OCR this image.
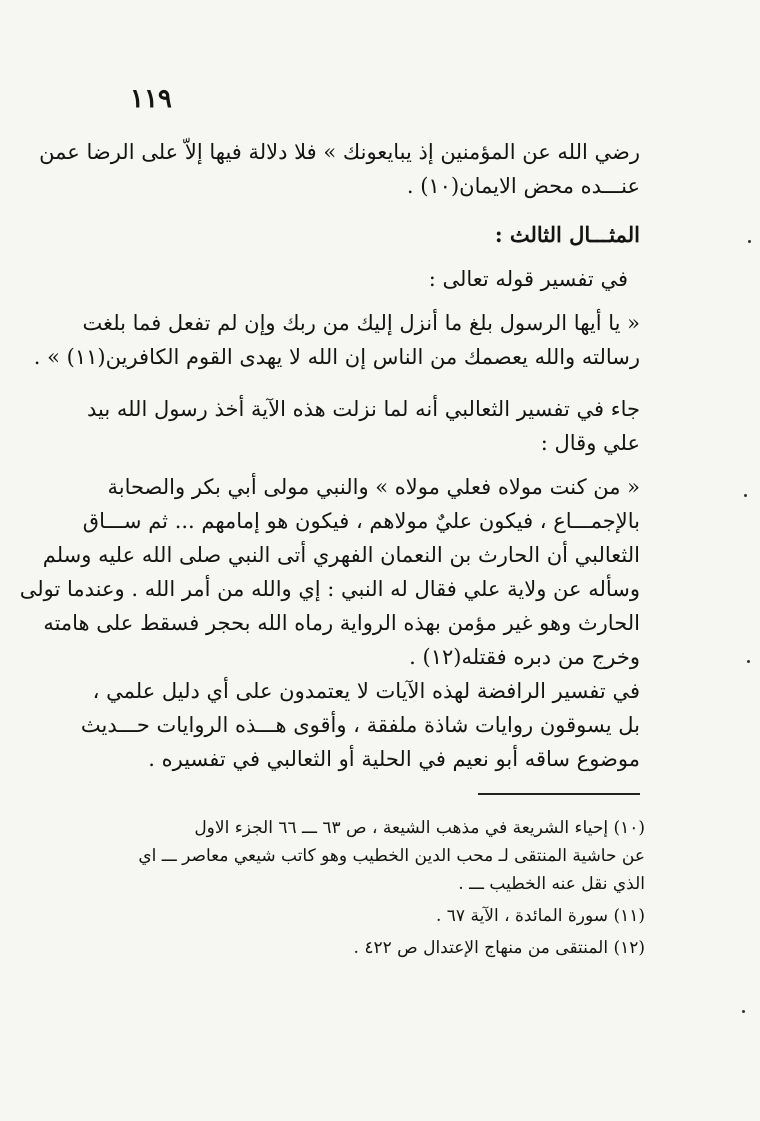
١١٩
رضي الله عن المؤمنين إذ يبايعونك » فلا دلالة فيها إلاّ على الرضا عمن
عنـــده محض الايمان(١٠) .
المثـــال الثالث :
في تفسير قوله تعالى :
« يا أيها الرسول بلغ ما أنزل إليك من ربك وإن لم تفعل فما بلغت
رسالته والله يعصمك من الناس إن الله لا يهدى القوم الكافرين(١١) » .
جاء في تفسير الثعالبي أنه لما نزلت هذه الآية أخذ رسول الله بيد
علي وقال :
« من كنت مولاه فعلي مولاه » والنبي مولى أبي بكر والصحابة
بالإجمـــاع ، فيكون عليٌ مولاهم ، فيكون هو إمامهم ... ثم ســـاق
الثعالبي أن الحارث بن النعمان الفهري أتى النبي صلى الله عليه وسلم
وسأله عن ولاية علي فقال له النبي : إي والله من أمر الله . وعندما تولى
الحارث وهو غير مؤمن بهذه الرواية رماه الله بحجر فسقط على هامته
وخرج من دبره فقتله(١٢) .
في تفسير الرافضة لهذه الآيات لا يعتمدون على أي دليل علمي ،
بل يسوقون روايات شاذة ملفقة ، وأقوى هـــذه الروايات حـــديث
موضوع ساقه أبو نعيم في الحلية أو الثعالبي في تفسيره .
(١٠) إحياء الشريعة في مذهب الشيعة ، ص ٦٣ ـــ ٦٦ الجزء الاول
عن حاشية المنتقى لـ محب الدين الخطيب وهو كاتب شيعي معاصر ـــ اي
الذي نقل عنه الخطيب ـــ .
(١١) سورة المائدة ، الآية ٦٧ .
(١٢) المنتقى من منهاج الإعتدال ص ٤٢٢ .
